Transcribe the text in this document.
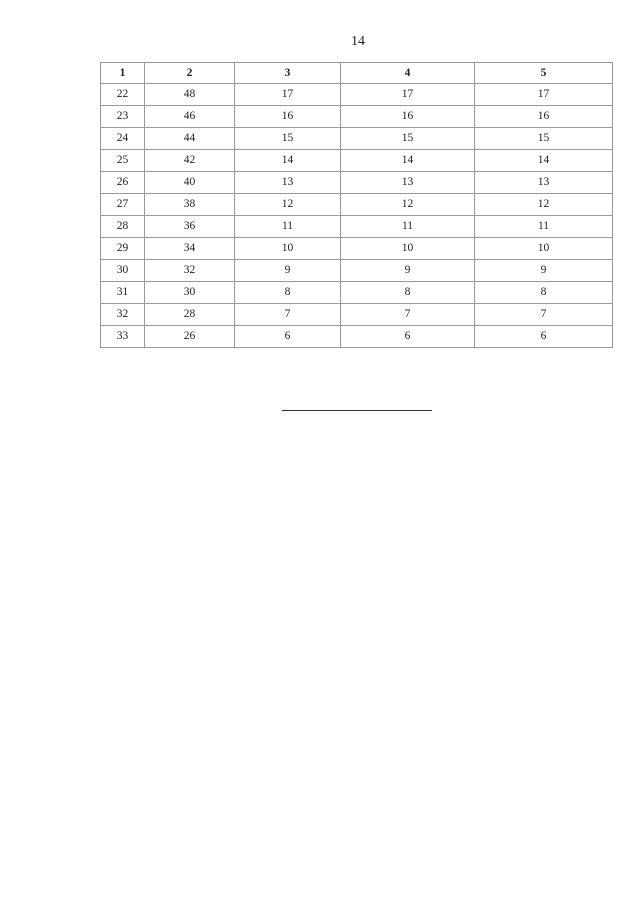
14
1	2	3	4	5
22	48	17	17	17
23	46	16	16	16
24	44	15	15	15
25	42	14	14	14
26	40	13	13	13
27	38	12	12	12
28	36	11	11	11
29	34	10	10	10
30	32	9	9	9
31	30	8	8	8
32	28	7	7	7
33	26	6	6	6
